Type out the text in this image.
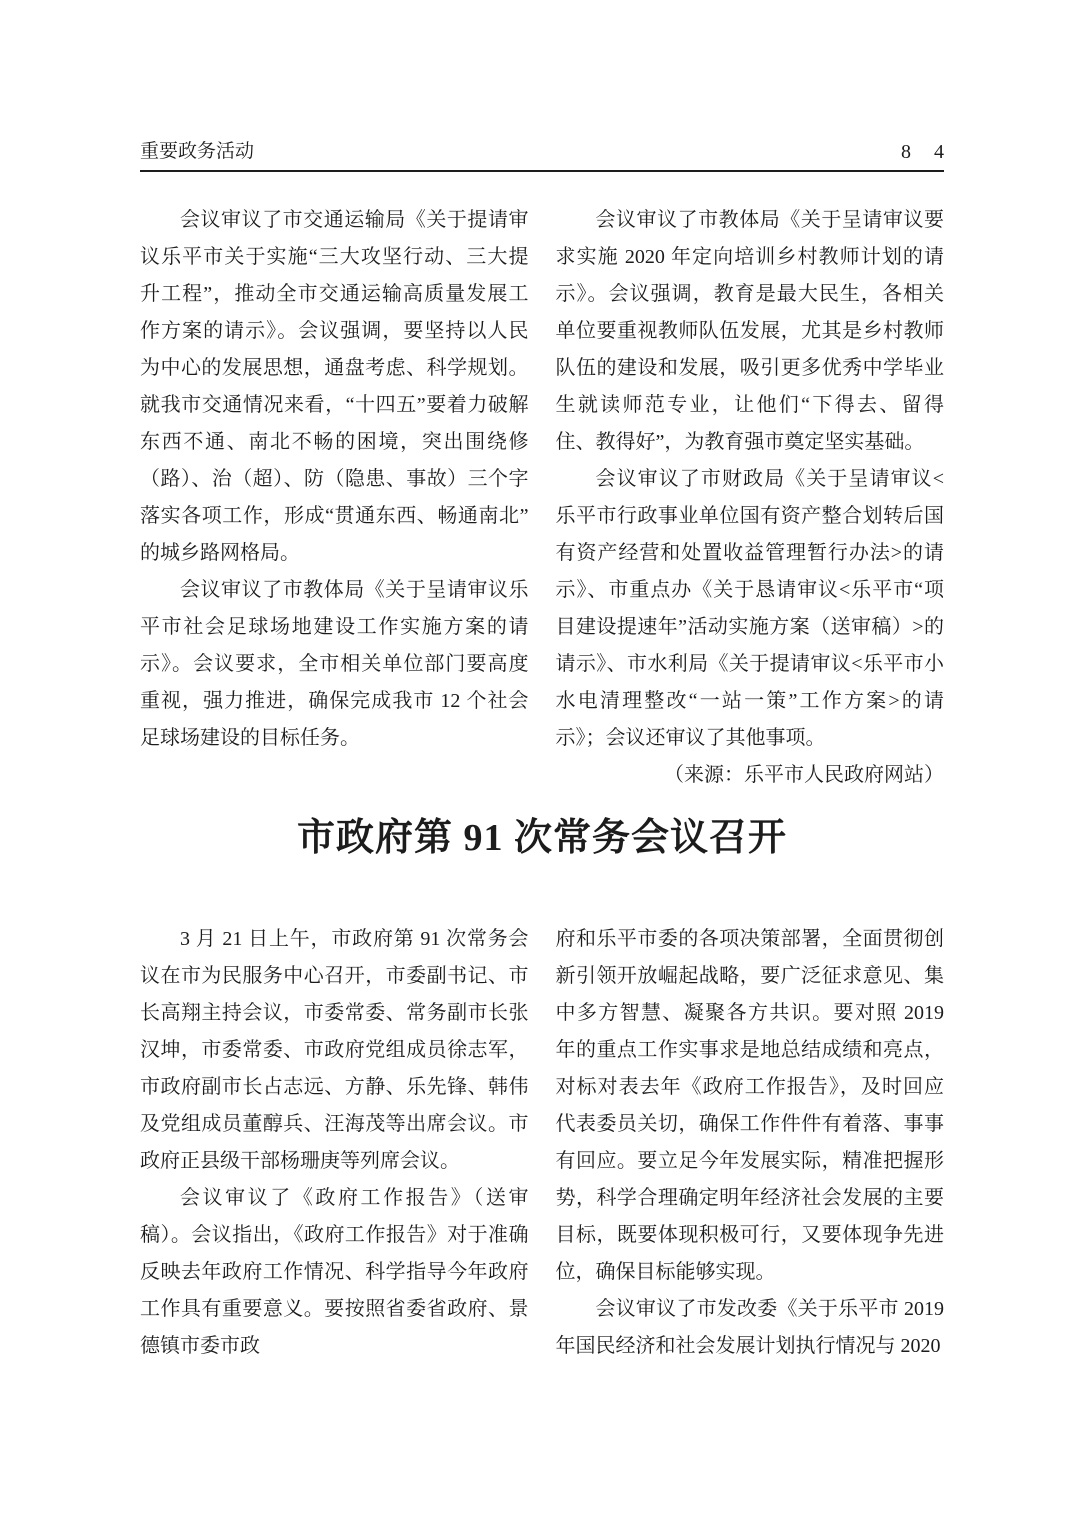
重要政务活动	8 4

会议审议了市交通运输局《关于提请审议乐平市关于实施“三大攻坚行动、三大提升工程”，推动全市交通运输高质量发展工作方案的请示》。会议强调，要坚持以人民为中心的发展思想，通盘考虑、科学规划。就我市交通情况来看，“十四五”要着力破解东西不通、南北不畅的困境，突出围绕修（路）、治（超）、防（隐患、事故）三个字落实各项工作，形成“贯通东西、畅通南北”的城乡路网格局。

会议审议了市教体局《关于呈请审议乐平市社会足球场地建设工作实施方案的请示》。会议要求，全市相关单位部门要高度重视，强力推进，确保完成我市 12 个社会足球场建设的目标任务。

会议审议了市教体局《关于呈请审议要求实施 2020 年定向培训乡村教师计划的请示》。会议强调，教育是最大民生，各相关单位要重视教师队伍发展，尤其是乡村教师队伍的建设和发展，吸引更多优秀中学毕业生就读师范专业，让他们“下得去、留得住、教得好”，为教育强市奠定坚实基础。

会议审议了市财政局《关于呈请审议<乐平市行政事业单位国有资产整合划转后国有资产经营和处置收益管理暂行办法>的请示》、市重点办《关于恳请审议<乐平市“项目建设提速年”活动实施方案（送审稿）>的请示》、市水利局《关于提请审议<乐平市小水电清理整改“一站一策”工作方案>的请示》；会议还审议了其他事项。

（来源：乐平市人民政府网站）

市政府第 91 次常务会议召开

3 月 21 日上午，市政府第 91 次常务会议在市为民服务中心召开，市委副书记、市长高翔主持会议，市委常委、常务副市长张汉坤，市委常委、市政府党组成员徐志军，市政府副市长占志远、方静、乐先锋、韩伟及党组成员董醇兵、汪海茂等出席会议。市政府正县级干部杨珊庚等列席会议。

会议审议了《政府工作报告》（送审稿）。会议指出，《政府工作报告》对于准确反映去年政府工作情况、科学指导今年政府工作具有重要意义。要按照省委省政府、景德镇市委市政

府和乐平市委的各项决策部署，全面贯彻创新引领开放崛起战略，要广泛征求意见、集中多方智慧、凝聚各方共识。要对照 2019 年的重点工作实事求是地总结成绩和亮点，对标对表去年《政府工作报告》，及时回应代表委员关切，确保工作件件有着落、事事有回应。要立足今年发展实际，精准把握形势，科学合理确定明年经济社会发展的主要目标，既要体现积极可行，又要体现争先进位，确保目标能够实现。

会议审议了市发改委《关于乐平市 2019 年国民经济和社会发展计划执行情况与 2020
